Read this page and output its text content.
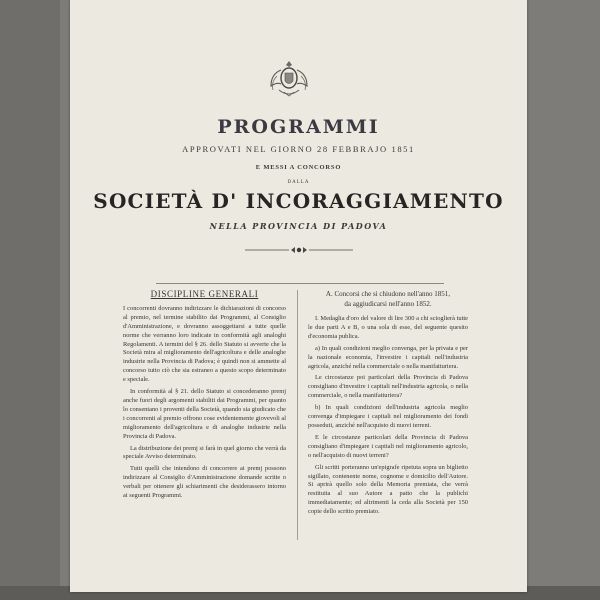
PROGRAMMI
APPROVATI NEL GIORNO 28 FEBBRAJO 1851
E MESSI A CONCORSO
DALLA
SOCIETÀ D' INCORAGGIAMENTO
NELLA PROVINCIA DI PADOVA
DISCIPLINE GENERALI

I concorrenti dovranno indirizzare le dichiarazioni di concorso al premio, nel termine stabilito dai Programmi, al Consiglio d'Amministrazione, e dovranno assoggettarsi a tutte quelle norme che verranno loro indicate in conformità agli analoghi Regolamenti. A termini del § 26. dello Statuto si avverte che la Società mira al miglioramento dell'agricoltura e delle analoghe industrie nella Provincia di Padova; è quindi non si ammette al concorso tutto ciò che sia estraneo a questo scopo determinato e speciale.

In conformità al § 21. dello Statuto si concederanno premj anche fuori degli argomenti stabiliti dai Programmi, per quanto lo consentano i proventi della Società, quando sia giudicato che i concorrenti al premio offrono cose evidentemente giovevoli al miglioramento dell'agricoltura e di analoghe industrie nella Provincia di Padova.

La distribuzione dei premj si farà in quel giorno che verrà da speciale Avviso determinato.

Tutti quelli che intendono di concorrere ai premj possono indirizzare al Consiglio d'Amministrazione domande scritte o verbali per ottenere gli schiarimenti che desiderassero intorno ai seguenti Programmi.

A. Concorsi che si chiudono nell'anno 1851,

da aggiudicarsi nell'anno 1852.

I. Medaglia d'oro del valore di lire 300 a chi scioglierà tutte le due parti A e B, o una sola di esse, del seguente quesito d'economia publica.

a) In quali condizioni meglio convenga, per la privata e per la nazionale economia, l'investire i capitali nell'industria agricola, anziché nella commerciale o nella manifatturiera.

Le circostanze poi particolari della Provincia di Padova consigliano d'investire i capitali nell'industria agricola, o nella commerciale, o nella manifatturiera?

b) In quali condizioni dell'industria agricola meglio convenga d'impiegare i capitali nel miglioramento dei fondi posseduti, anziché nell'acquisto di nuovi terreni.

E le circostanze particolari della Provincia di Padova consigliano d'impiegare i capitali nel miglioramento agricolo, o nell'acquisto di nuovi terreni?

Gli scritti porteranno un'epigrafe ripetuta sopra un biglietto sigillato, contenente nome, cognome e domicilio dell'Autore. Si aprirà quello solo della Memoria premiata, che verrà restituita al suo Autore a patto che la publichi immediatamente; ed altrimenti la ceda alla Società per 150 copie dello scritto premiato.
